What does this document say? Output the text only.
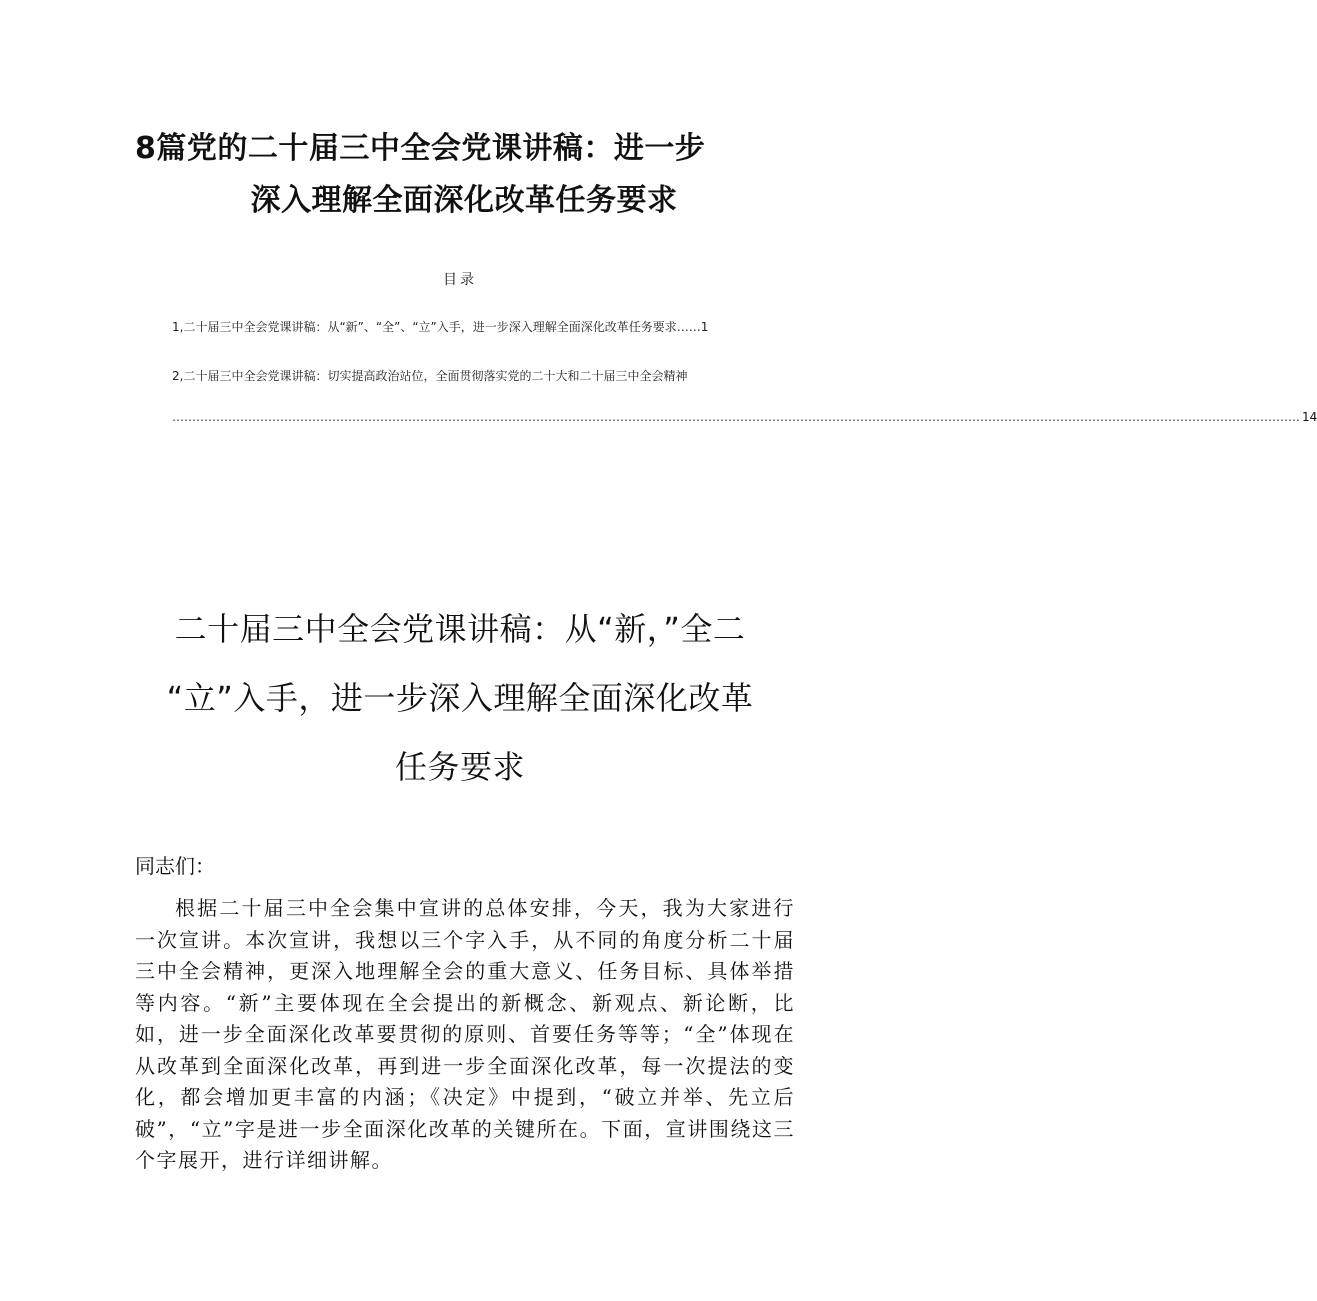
8篇党的二十届三中全会党课讲稿：进一步
深入理解全面深化改革任务要求
目录
1,二十届三中全会党课讲稿：从“新”、“全”、“立”入手，进一步深入理解全面深化改革任务要求……1
2,二十届三中全会党课讲稿：切实提高政治站位，全面贯彻落实党的二十大和二十届三中全会精神
………………………………………………………………………………………………………………………………………………………………………………………………………………………………………………………… 14
二十届三中全会党课讲稿：从“新，”全二
“立”入手，进一步深入理解全面深化改革
任务要求
同志们：
根据二十届三中全会集中宣讲的总体安排，今天，我为大家进行一次宣讲。本次宣讲，我想以三个字入手，从不同的角度分析二十届三中全会精神，更深入地理解全会的重大意义、任务目标、具体举措等内容。“新”主要体现在全会提出的新概念、新观点、新论断，比如，进一步全面深化改革要贯彻的原则、首要任务等等；“全”体现在从改革到全面深化改革，再到进一步全面深化改革，每一次提法的变化，都会增加更丰富的内涵；《决定》中提到，“破立并举、先立后破”，“立”字是进一步全面深化改革的关键所在。下面，宣讲围绕这三个字展开，进行详细讲解。
